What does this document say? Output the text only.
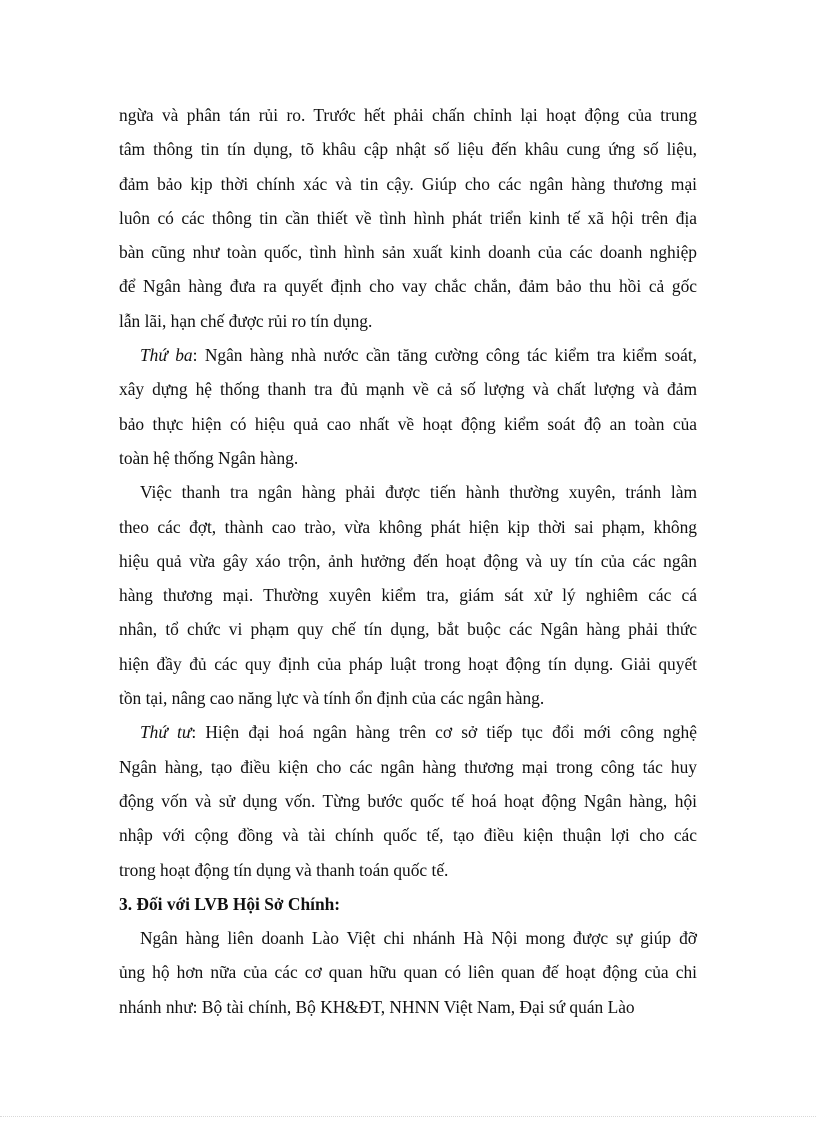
ngừa và phân tán rủi ro. Trước hết phải chấn chỉnh lại hoạt động của trung
tâm thông tin tín dụng, tõ khâu cập nhật số liệu đến khâu cung ứng số liệu,
đảm bảo kịp thời chính xác và tin cậy. Giúp cho các ngân hàng thương mại
luôn có các thông tin cần thiết về tình hình phát triển kinh tế xã hội trên địa
bàn cũng như toàn quốc, tình hình sản xuất kinh doanh của các doanh nghiệp
để Ngân hàng đưa ra quyết định cho vay chắc chắn, đảm bảo thu hồi cả gốc
lẫn lãi, hạn chế được rủi ro tín dụng.
Thứ ba: Ngân hàng nhà nước cần tăng cường công tác kiểm tra kiểm soát,
xây dựng hệ thống thanh tra đủ mạnh về cả số lượng và chất lượng và đảm
bảo thực hiện có hiệu quả cao nhất về hoạt động kiểm soát độ an toàn của
toàn hệ thống Ngân hàng.
Việc thanh tra ngân hàng phải được tiến hành thường xuyên, tránh làm
theo các đợt, thành cao trào, vừa không phát hiện kịp thời sai phạm, không
hiệu quả vừa gây xáo trộn, ảnh hưởng đến hoạt động và uy tín của các ngân
hàng thương mại. Thường xuyên kiểm tra, giám sát xử lý nghiêm các cá
nhân, tổ chức vi phạm quy chế tín dụng, bắt buộc các Ngân hàng phải thức
hiện đầy đủ các quy định của pháp luật trong hoạt động tín dụng. Giải quyết
tồn tại, nâng cao năng lực và tính ổn định của các ngân hàng.
Thứ tư: Hiện đại hoá ngân hàng trên cơ sở tiếp tục đổi mới công nghệ
Ngân hàng, tạo điều kiện cho các ngân hàng thương mại trong công tác huy
động vốn và sử dụng vốn. Từng bước quốc tế hoá hoạt động Ngân hàng, hội
nhập với cộng đồng và tài chính quốc tế, tạo điều kiện thuận lợi cho các
trong hoạt động tín dụng và thanh toán quốc tế.
3. Đối với LVB Hội Sở Chính:
Ngân hàng liên doanh Lào Việt chi nhánh Hà Nội mong được sự giúp đỡ
ủng hộ hơn nữa của các cơ quan hữu quan có liên quan đế hoạt động của chi
nhánh như: Bộ tài chính, Bộ KH&ĐT, NHNN Việt Nam, Đại sứ quán Lào
